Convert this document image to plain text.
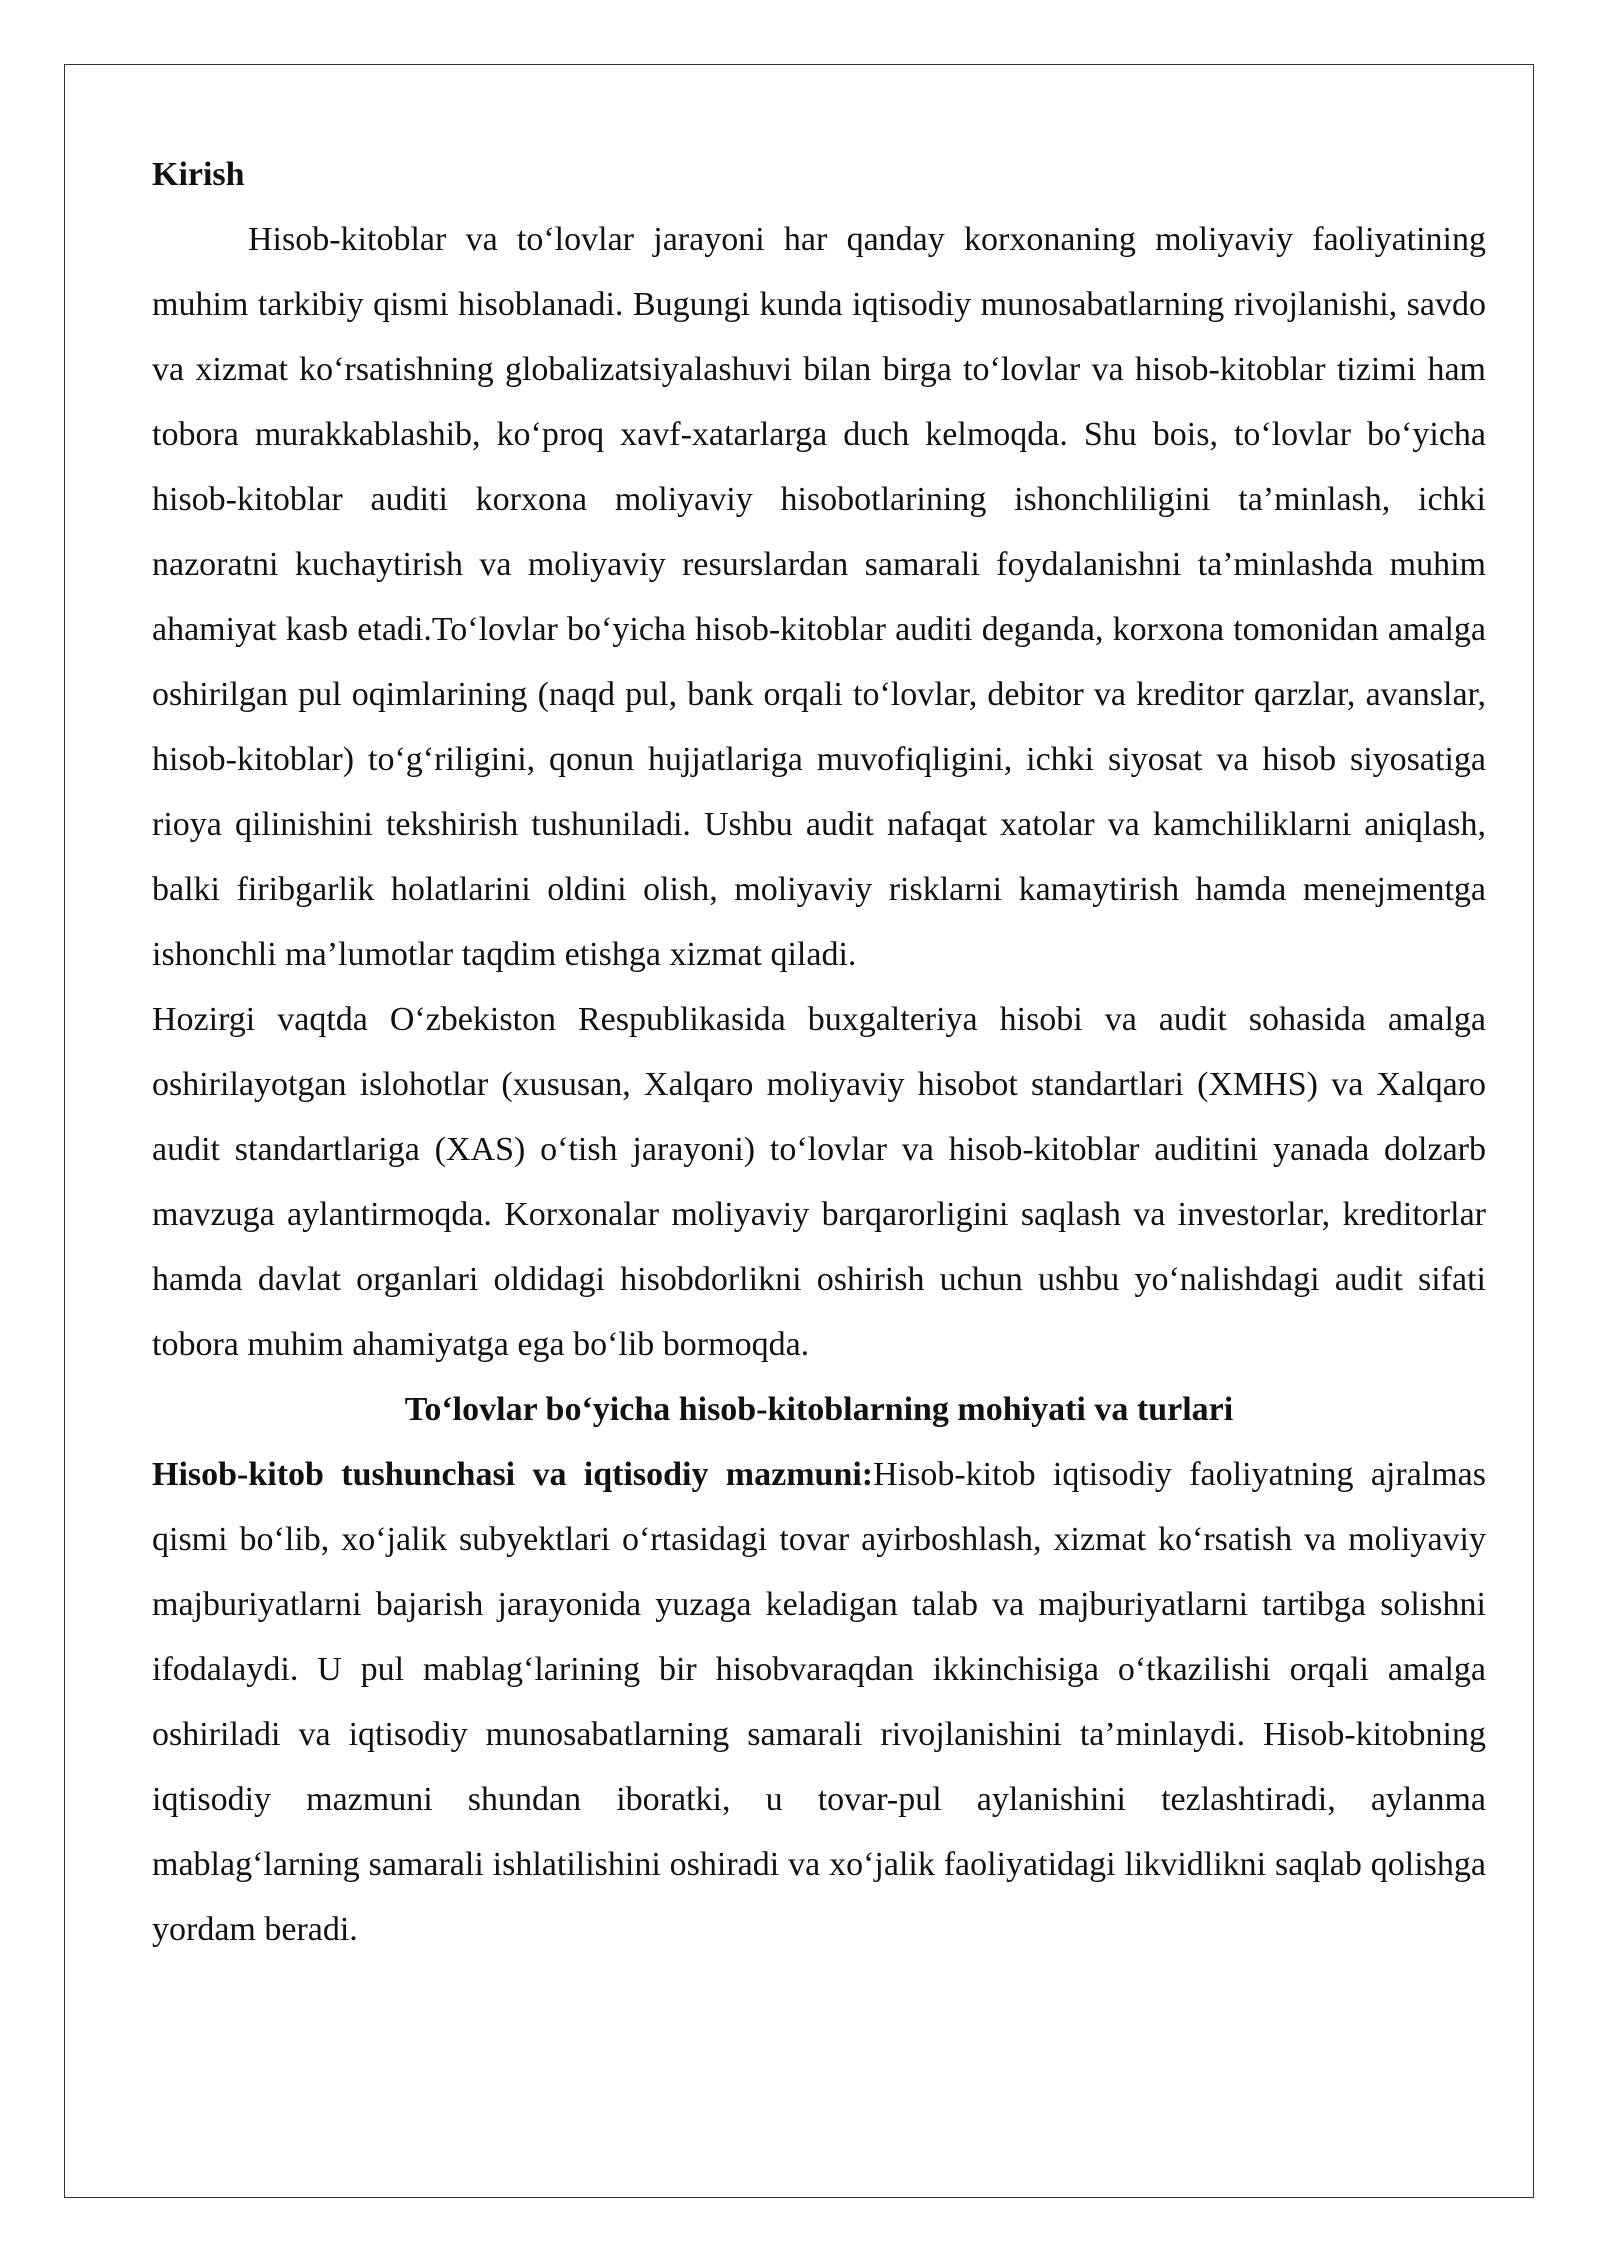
Kirish

Hisob-kitoblar va to‘lovlar jarayoni har qanday korxonaning moliyaviy faoliyatining muhim tarkibiy qismi hisoblanadi. Bugungi kunda iqtisodiy munosabatlarning rivojlanishi, savdo va xizmat ko‘rsatishning globalizatsiyalashuvi bilan birga to‘lovlar va hisob-kitoblar tizimi ham tobora murakkablashib, ko‘proq xavf-xatarlarga duch kelmoqda. Shu bois, to‘lovlar bo‘yicha hisob-kitoblar auditi korxona moliyaviy hisobotlarining ishonchliligini ta’minlash, ichki nazoratni kuchaytirish va moliyaviy resurslardan samarali foydalanishni ta’minlashda muhim ahamiyat kasb etadi.To‘lovlar bo‘yicha hisob-kitoblar auditi deganda, korxona tomonidan amalga oshirilgan pul oqimlarining (naqd pul, bank orqali to‘lovlar, debitor va kreditor qarzlar, avanslar, hisob-kitoblar) to‘g‘riligini, qonun hujjatlariga muvofiqligini, ichki siyosat va hisob siyosatiga rioya qilinishini tekshirish tushuniladi. Ushbu audit nafaqat xatolar va kamchiliklarni aniqlash, balki firibgarlik holatlarini oldini olish, moliyaviy risklarni kamaytirish hamda menejmentga ishonchli ma’lumotlar taqdim etishga xizmat qiladi.

Hozirgi vaqtda O‘zbekiston Respublikasida buxgalteriya hisobi va audit sohasida amalga oshirilayotgan islohotlar (xususan, Xalqaro moliyaviy hisobot standartlari (XMHS) va Xalqaro audit standartlariga (XAS) o‘tish jarayoni) to‘lovlar va hisob-kitoblar auditini yanada dolzarb mavzuga aylantirmoqda. Korxonalar moliyaviy barqarorligini saqlash va investorlar, kreditorlar hamda davlat organlari oldidagi hisobdorlikni oshirish uchun ushbu yo‘nalishdagi audit sifati tobora muhim ahamiyatga ega bo‘lib bormoqda.

To‘lovlar bo‘yicha hisob-kitoblarning mohiyati va turlari

Hisob-kitob tushunchasi va iqtisodiy mazmuni:Hisob-kitob iqtisodiy faoliyatning ajralmas qismi bo‘lib, xo‘jalik subyektlari o‘rtasidagi tovar ayirboshlash, xizmat ko‘rsatish va moliyaviy majburiyatlarni bajarish jarayonida yuzaga keladigan talab va majburiyatlarni tartibga solishni ifodalaydi. U pul mablag‘larining bir hisobvaraqdan ikkinchisiga o‘tkazilishi orqali amalga oshiriladi va iqtisodiy munosabatlarning samarali rivojlanishini ta’minlaydi. Hisob-kitobning iqtisodiy mazmuni shundan iboratki, u tovar-pul aylanishini tezlashtiradi, aylanma mablag‘larning samarali ishlatilishini oshiradi va xo‘jalik faoliyatidagi likvidlikni saqlab qolishga yordam beradi.
